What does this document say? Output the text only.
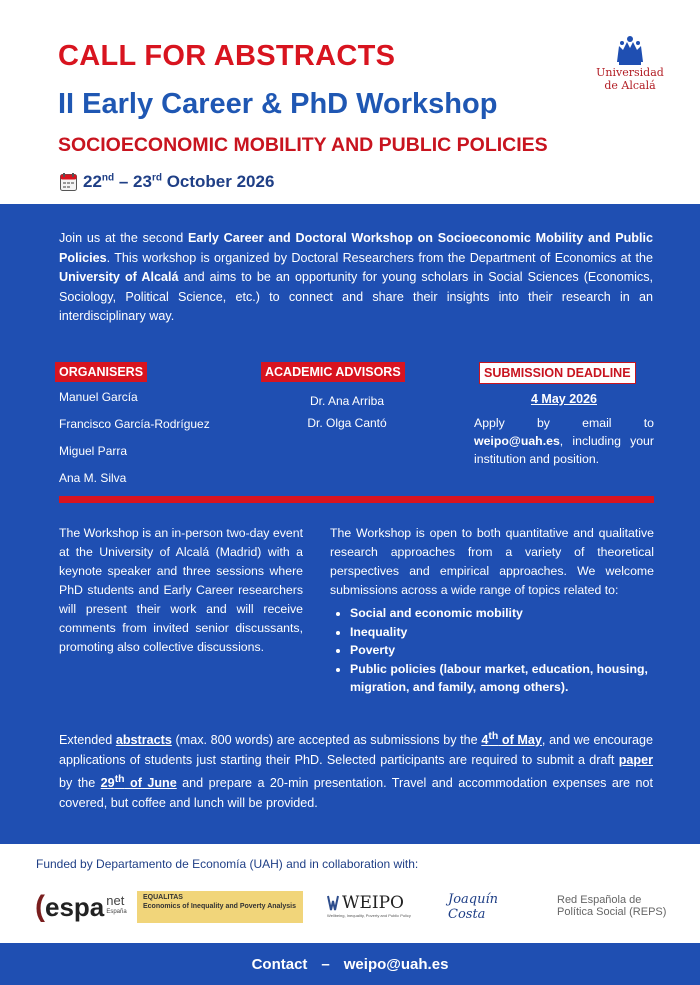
CALL FOR ABSTRACTS
II Early Career & PhD Workshop
SOCIOECONOMIC MOBILITY AND PUBLIC POLICIES
22nd – 23rd October 2026
Universidad
de Alcalá
Join us at the second Early Career and Doctoral Workshop on Socioeconomic Mobility and Public Policies. This workshop is organized by Doctoral Researchers from the Department of Economics at the University of Alcalá and aims to be an opportunity for young scholars in Social Sciences (Economics, Sociology, Political Science, etc.) to connect and share their insights into their research in an interdisciplinary way.
ORGANISERS
Manuel García
Francisco García-Rodríguez
Miguel Parra
Ana M. Silva
ACADEMIC ADVISORS
Dr. Ana Arriba
Dr. Olga Cantó
SUBMISSION DEADLINE
4 May 2026
Apply by email to weipo@uah.es, including your institution and position.
The Workshop is an in-person two-day event at the University of Alcalá (Madrid) with a keynote speaker and three sessions where PhD students and Early Career researchers will present their work and will receive comments from invited senior discussants, promoting also collective discussions.
The Workshop is open to both quantitative and qualitative research approaches from a variety of theoretical perspectives and empirical approaches. We welcome submissions across a wide range of topics related to:
• Social and economic mobility
• Inequality
• Poverty
• Public policies (labour market, education, housing, migration, and family, among others).
Extended abstracts (max. 800 words) are accepted as submissions by the 4th of May, and we encourage applications of students just starting their PhD. Selected participants are required to submit a draft paper by the 29th of June and prepare a 20-min presentation. Travel and accommodation expenses are not covered, but coffee and lunch will be provided.
Funded by Departamento de Economía (UAH) and in collaboration with:
( espa net
España
EQUALITAS
Economics of Inequality and Poverty Analysis	WEIPO
Wellbeing, Inequality, Poverty and Public Policy
Joaquín Costa
Red Española de
Política Social (REPS)
Contact – weipo@uah.es
